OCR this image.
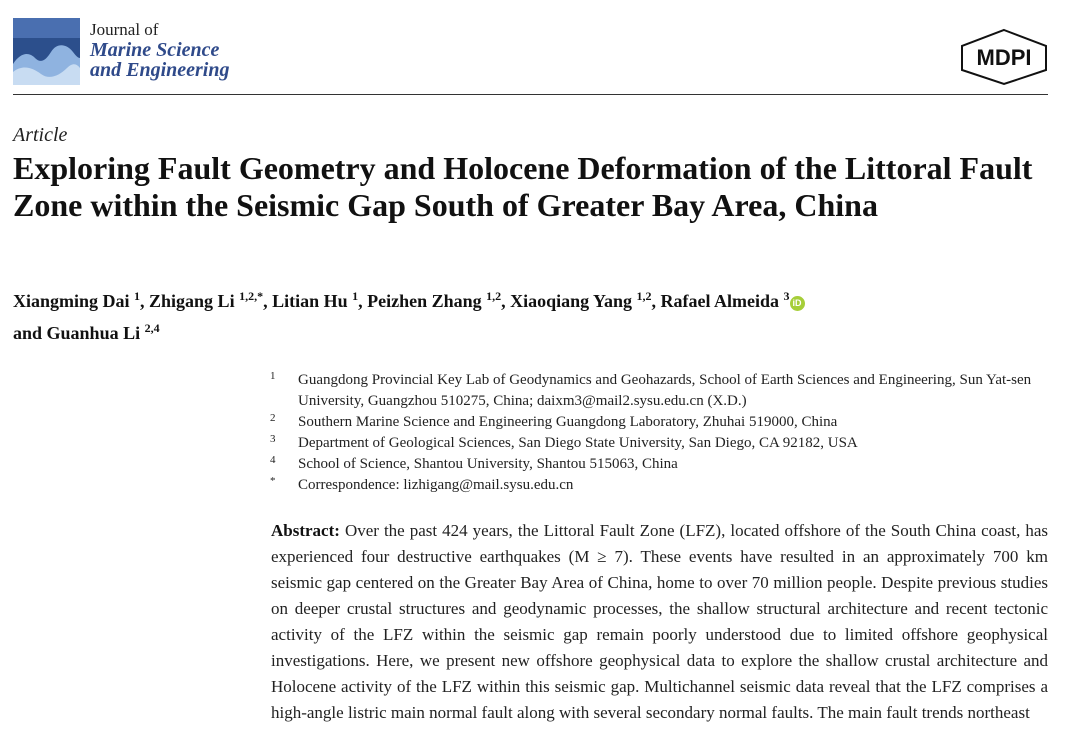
Journal of
Marine Science
and Engineering	MDPI
Article
Exploring Fault Geometry and Holocene Deformation of the Littoral Fault Zone within the Seismic Gap South of Greater Bay Area, China
Xiangming Dai $^1$, Zhigang Li $^{1,2,*}$, Litian Hu $^1$, Peizhen Zhang $^{1,2}$, Xiaoqiang Yang $^{1,2}$, Rafael Almeida $^3$ iD
and Guanhua Li $^{2,4}$
1 Guangdong Provincial Key Lab of Geodynamics and Geohazards, School of Earth Sciences and Engineering, Sun Yat-sen University, Guangzhou 510275, China; daixm3@mail2.sysu.edu.cn (X.D.)
2 Southern Marine Science and Engineering Guangdong Laboratory, Zhuhai 519000, China
3 Department of Geological Sciences, San Diego State University, San Diego, CA 92182, USA
4 School of Science, Shantou University, Shantou 515063, China
* Correspondence: lizhigang@mail.sysu.edu.cn

Abstract: Over the past 424 years, the Littoral Fault Zone (LFZ), located offshore of the South China coast, has experienced four destructive earthquakes (M ≥ 7). These events have resulted in an approximately 700 km seismic gap centered on the Greater Bay Area of China, home to over 70 million people. Despite previous studies on deeper crustal structures and geodynamic processes, the shallow structural architecture and recent tectonic activity of the LFZ within the seismic gap remain poorly understood due to limited offshore geophysical investigations. Here, we present new offshore geophysical data to explore the shallow crustal architecture and Holocene activity of the LFZ within this seismic gap. Multichannel seismic data reveal that the LFZ comprises a high-angle listric main normal fault along with several secondary normal faults. The main fault trends northeast
